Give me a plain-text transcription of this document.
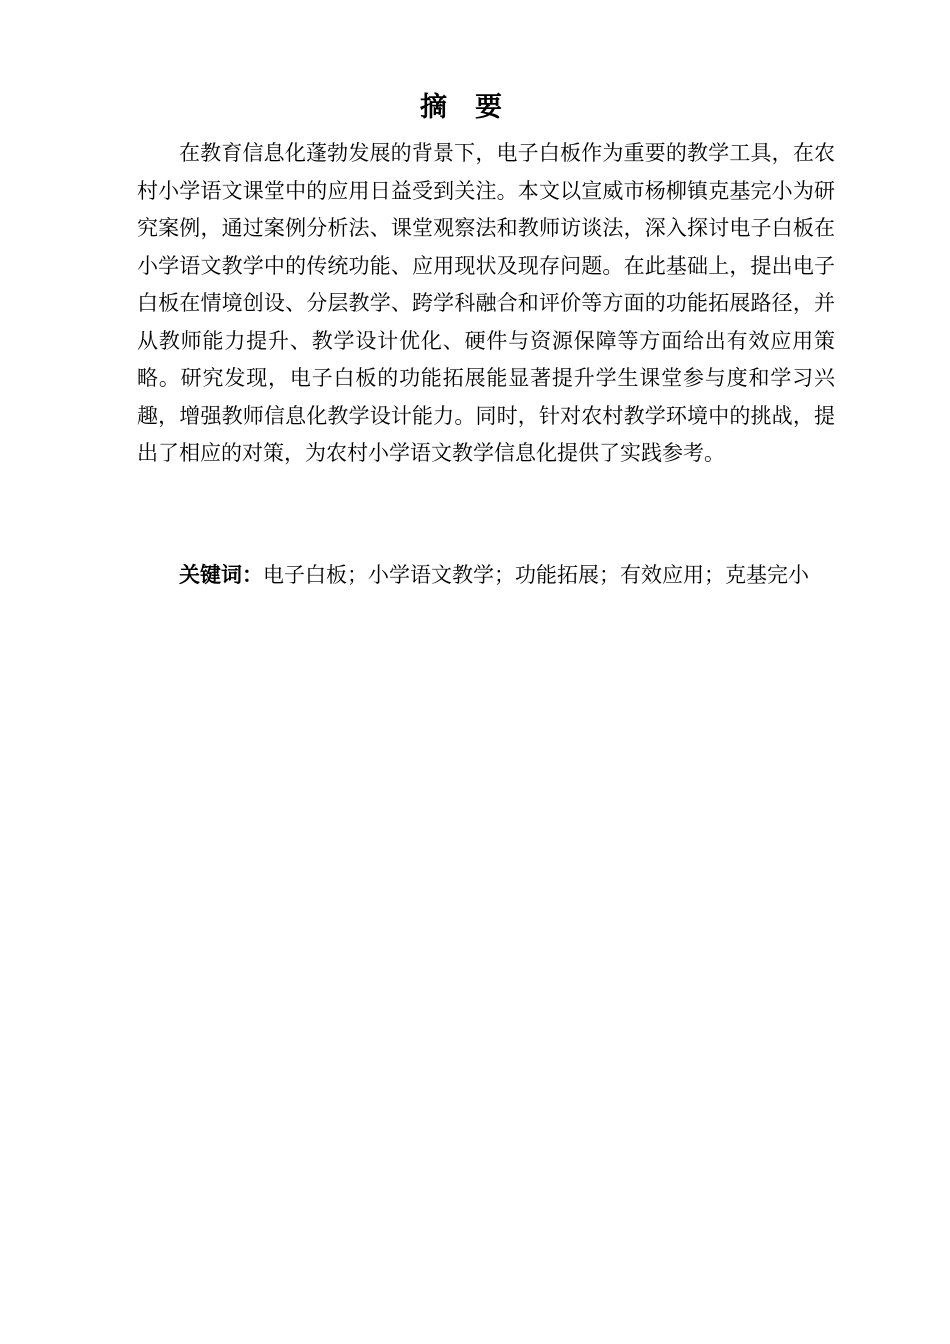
摘要

在教育信息化蓬勃发展的背景下，电子白板作为重要的教学工具，在农村小学语文课堂中的应用日益受到关注。本文以宣威市杨柳镇克基完小为研究案例，通过案例分析法、课堂观察法和教师访谈法，深入探讨电子白板在小学语文教学中的传统功能、应用现状及现存问题。在此基础上，提出电子白板在情境创设、分层教学、跨学科融合和评价等方面的功能拓展路径，并从教师能力提升、教学设计优化、硬件与资源保障等方面给出有效应用策略。研究发现，电子白板的功能拓展能显著提升学生课堂参与度和学习兴趣，增强教师信息化教学设计能力。同时，针对农村教学环境中的挑战，提出了相应的对策，为农村小学语文教学信息化提供了实践参考。

关键词：电子白板；小学语文教学；功能拓展；有效应用；克基完小
